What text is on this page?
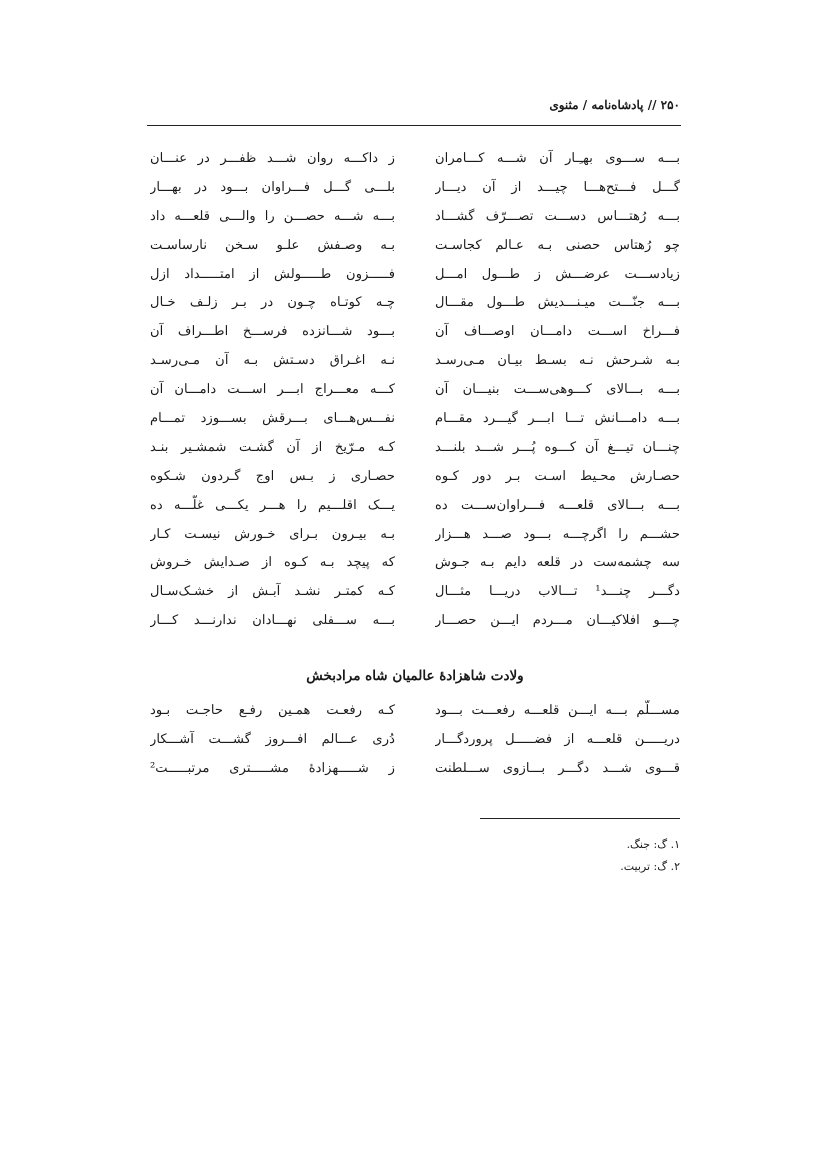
۲۵۰ // پادشاه‌نامه / مثنوی
بـــه ســـوی بهـِـار آن شـــه کـــامران
ز داکـــه روان شـــد ظفـــر در عنـــان
گـــل فـــتح‌هـــا چیـــد از آن دیـــار
بلـــی گـــل فـــراوان بـــود در بهـــار
بـــه رُهتـــاس دســـت تصـــرّف گشـــاد
بـــه شـــه حصـــن را والـــی قلعـــه داد
چو رُهتاس حصنی بـه عـالم کجاسـت
بـه وصـفش علـو سـخن نارساسـت
زیادســـت عرضـــش ز طـــول امـــل
فـــــزون طـــــولش از امتـــــداد ازل
بـــه جنّـــت میـنـــدیش طـــول مقـــال
چـه کوتـاه چـون در بـر زلـف خـال
فـــراخ اســـت دامـــان اوصـــاف آن
بـــود شـــانزده فرســـخ اطـــراف آن
بـه شـرحش نـه بسـط بیـان مـی‌رسـد
نـه اغـراق دسـتش بـه آن مـی‌رسـد
بـــه بـــالای کـــوهی‌ســـت بنیـــان آن
کـــه معـــراج ابـــر اســـت دامـــان آن
بـــه دامـــانش تـــا ابـــر گیـــرد مقـــام
نفـــس‌هـــای بـــرقش بســـوزد تمـــام
چنـــان تیـــغ آن کـــوه پُـــر شـــد بلنـــد
کـه مـرّیخ از آن گشـت شمشـیر بنـد
حصـارش محـیط اسـت بـر دور کـوه
حصـاری ز بـس اوج گـردون شـکوه
بـــه بـــالای قلعـــه فـــراوان‌ســـت ده
یـــک اقلـــیم را هـــر یکـــی غلّـــه ده
حشـــم را اگرچـــه بـــود صـــد هـــزار
بـه بیـرون بـرای خـورش نیسـت کـار
سه چشمه‌ست در قلعه دایم بـه جـوش
که پیچد بـه کـوه از صـدایش خـروش
دگـــر چنـــد¹ تـــالاب دریـــا مثـــال
کـه کمتـر نشـد آبـش از خشـک‌سـال
چـــو افلاکیـــان مـــردم ایـــن حصـــار
بـــه ســـفلی نهـــادان ندارنـــد کـــار
ولادت شاهزادهٔ عالمیان شاه مرادبخش
مســـلّم بـــه ایـــن قلعـــه رفعـــت بـــود
کـه رفعـت همـین رفـع حاجـت بـود
دریـــــن قلعـــه از فضـــــل پروردگـــار
دُری عـــالم افـــروز گشـــت آشـــکار
قـــوی شـــد دگـــر بـــازوی ســـلطنت
ز شـــــهزادهٔ مشـــــتری مرتبـــــت²
۱. گ: جنگ.
۲. گ: تربیت.
